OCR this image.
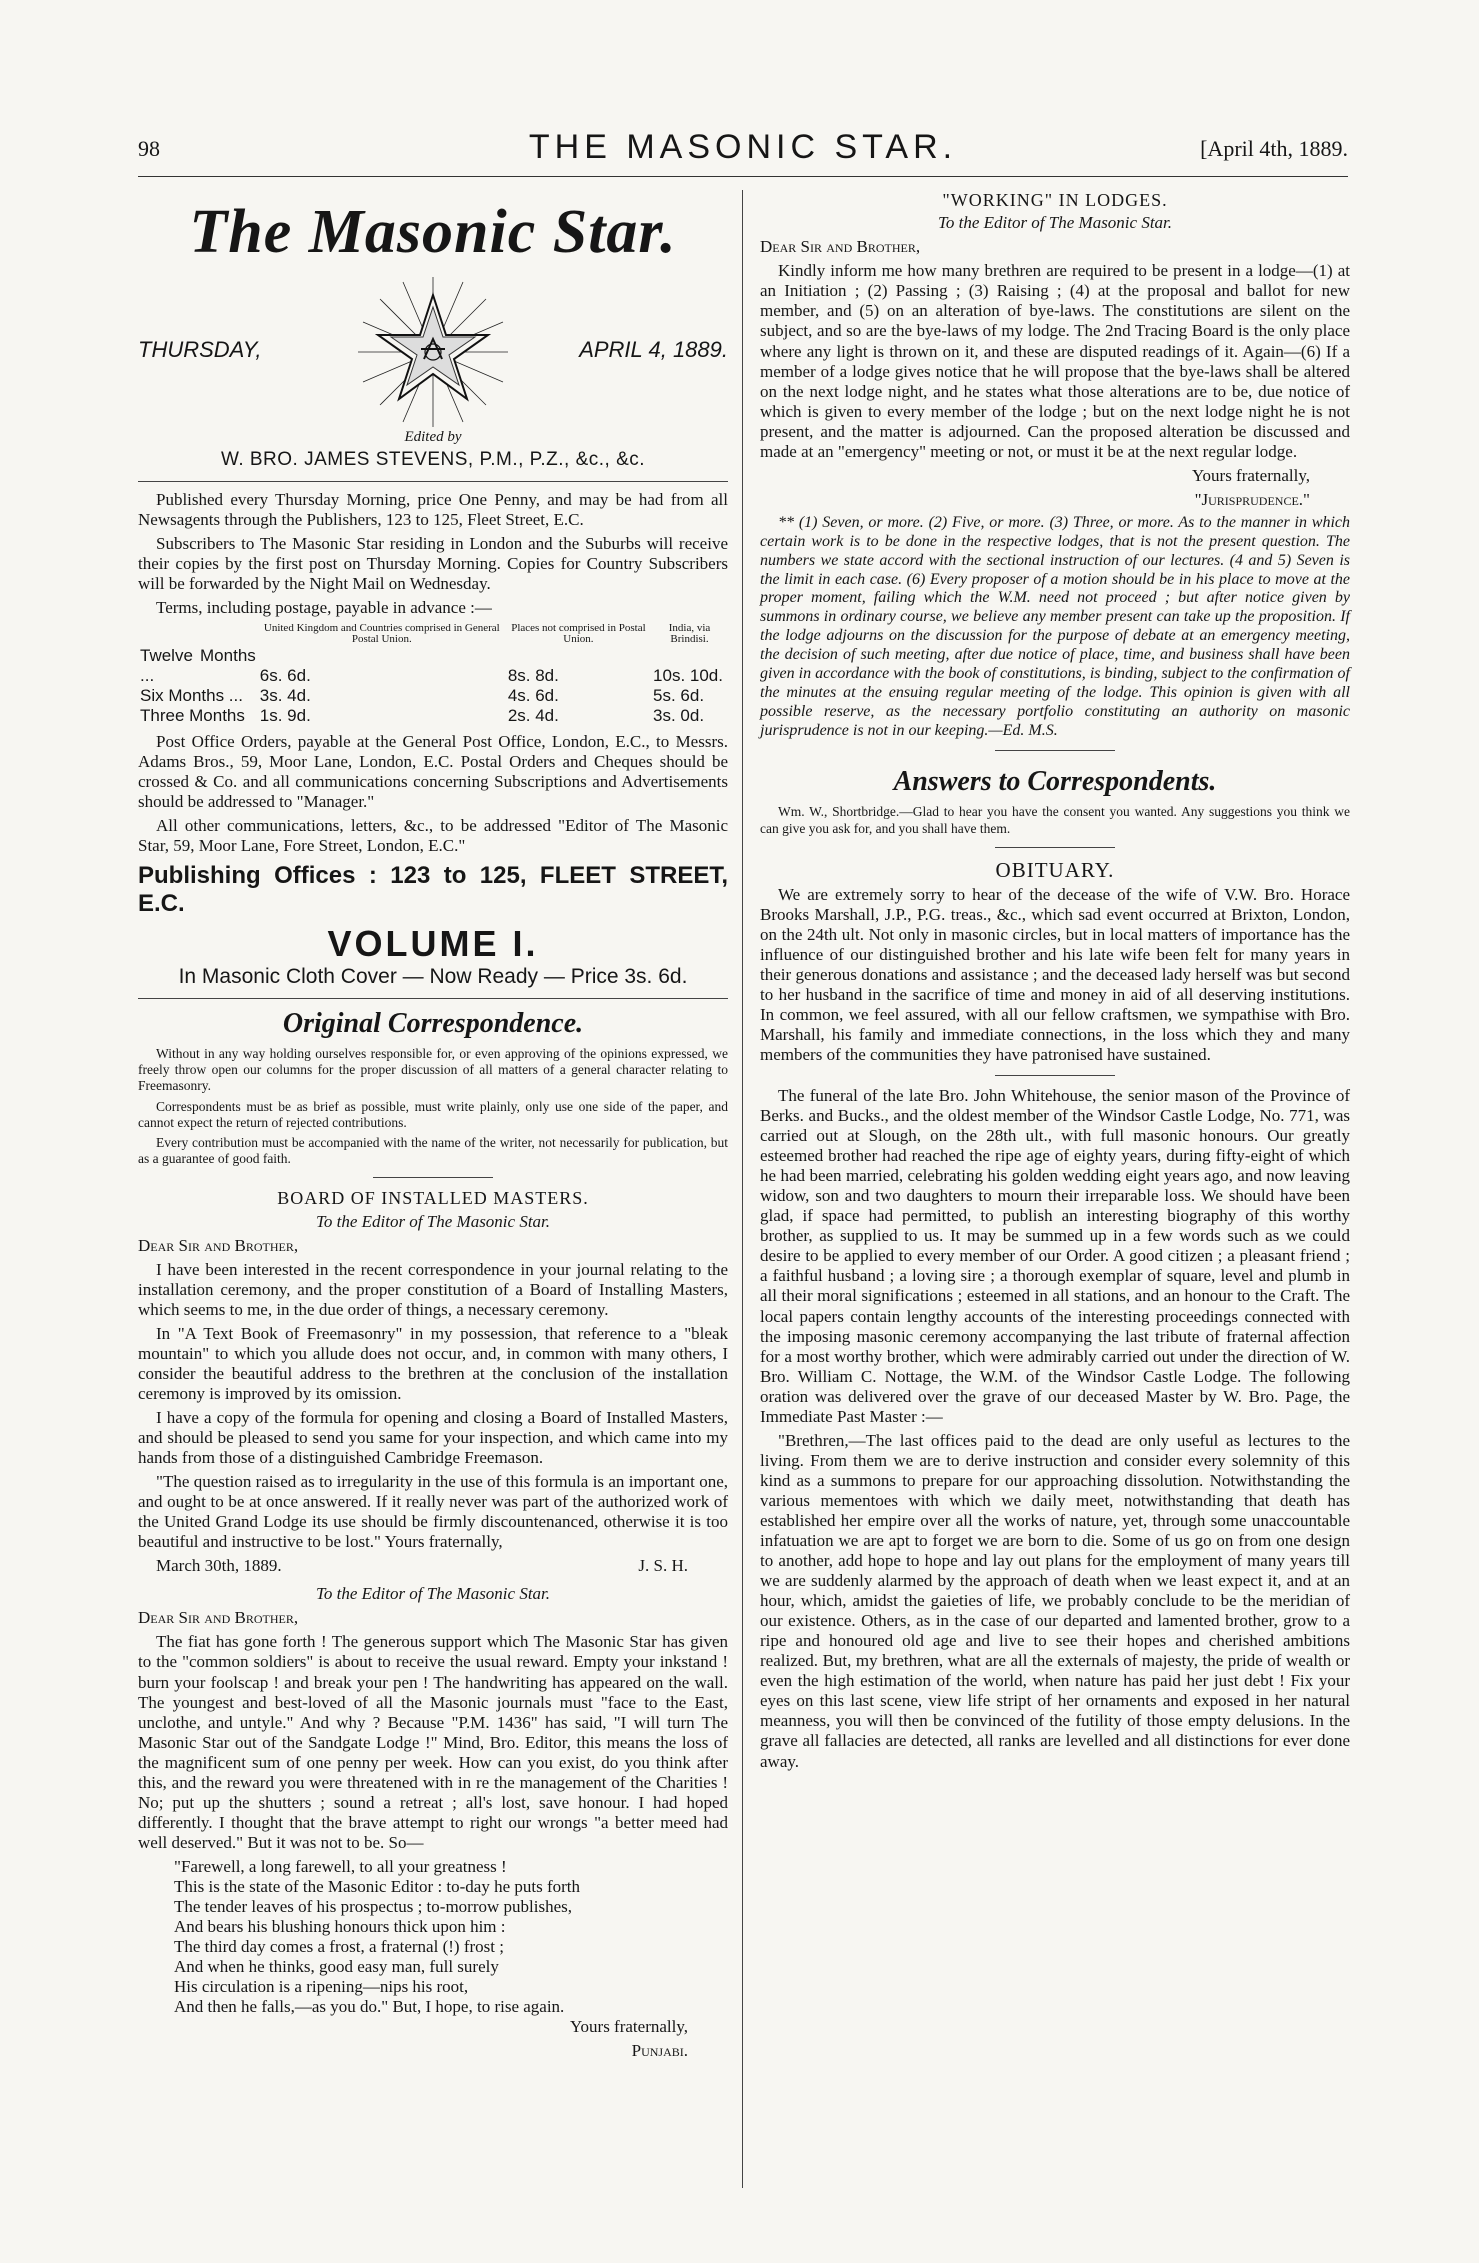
98	THE MASONIC STAR.	[April 4th, 1889.
The Masonic Star.
THURSDAY,	APRIL 4, 1889.
Edited by
W. BRO. JAMES STEVENS, P.M., P.Z., &c., &c.

Published every Thursday Morning, price One Penny, and may be had from all Newsagents through the Publishers, 123 to 125, Fleet Street, E.C.

Subscribers to The Masonic Star residing in London and the Suburbs will receive their copies by the first post on Thursday Morning. Copies for Country Subscribers will be forwarded by the Night Mail on Wednesday.

Terms, including postage, payable in advance :—

	United Kingdom and Countries comprised in General Postal Union.	Places not comprised in Postal Union.	India, via Brindisi.
Twelve Months ...	6s. 6d.	8s. 8d.	10s. 10d.
Six Months ...	3s. 4d.	4s. 6d.	5s. 6d.
Three Months	1s. 9d.	2s. 4d.	3s. 0d.

Post Office Orders, payable at the General Post Office, London, E.C., to Messrs. Adams Bros., 59, Moor Lane, London, E.C. Postal Orders and Cheques should be crossed & Co. and all communications concerning Subscriptions and Advertisements should be addressed to "Manager."

All other communications, letters, &c., to be addressed "Editor of The Masonic Star, 59, Moor Lane, Fore Street, London, E.C."

Publishing Offices : 123 to 125, FLEET STREET, E.C.
VOLUME I.
In Masonic Cloth Cover — Now Ready — Price 3s. 6d.
Original Correspondence.

Without in any way holding ourselves responsible for, or even approving of the opinions expressed, we freely throw open our columns for the proper discussion of all matters of a general character relating to Freemasonry.

Correspondents must be as brief as possible, must write plainly, only use one side of the paper, and cannot expect the return of rejected contributions.

Every contribution must be accompanied with the name of the writer, not necessarily for publication, but as a guarantee of good faith.

BOARD OF INSTALLED MASTERS.

To the Editor of The Masonic Star.

Dear Sir and Brother,

I have been interested in the recent correspondence in your journal relating to the installation ceremony, and the proper constitution of a Board of Installing Masters, which seems to me, in the due order of things, a necessary ceremony.

In "A Text Book of Freemasonry" in my possession, that reference to a "bleak mountain" to which you allude does not occur, and, in common with many others, I consider the beautiful address to the brethren at the conclusion of the installation ceremony is improved by its omission.

I have a copy of the formula for opening and closing a Board of Installed Masters, and should be pleased to send you same for your inspection, and which came into my hands from those of a distinguished Cambridge Freemason.

"The question raised as to irregularity in the use of this formula is an important one, and ought to be at once answered. If it really never was part of the authorized work of the United Grand Lodge its use should be firmly discountenanced, otherwise it is too beautiful and instructive to be lost." Yours fraternally,

March 30th, 1889.	J. S. H.

To the Editor of The Masonic Star.

Dear Sir and Brother,

The fiat has gone forth ! The generous support which The Masonic Star has given to the "common soldiers" is about to receive the usual reward. Empty your inkstand ! burn your foolscap ! and break your pen ! The handwriting has appeared on the wall. The youngest and best-loved of all the Masonic journals must "face to the East, unclothe, and untyle." And why ? Because "P.M. 1436" has said, "I will turn The Masonic Star out of the Sandgate Lodge !" Mind, Bro. Editor, this means the loss of the magnificent sum of one penny per week. How can you exist, do you think after this, and the reward you were threatened with in re the management of the Charities ! No; put up the shutters ; sound a retreat ; all's lost, save honour. I had hoped differently. I thought that the brave attempt to right our wrongs "a better meed had well deserved." But it was not to be. So—

"Farewell, a long farewell, to all your greatness !
This is the state of the Masonic Editor : to-day he puts forth
The tender leaves of his prospectus ; to-morrow publishes,
And bears his blushing honours thick upon him :
The third day comes a frost, a fraternal (!) frost ;
And when he thinks, good easy man, full surely
His circulation is a ripening—nips his root,
And then he falls,—as you do." But, I hope, to rise again.

Yours fraternally,

Punjabi.

"WORKING" IN LODGES.

To the Editor of The Masonic Star.

Dear Sir and Brother,

Kindly inform me how many brethren are required to be present in a lodge—(1) at an Initiation ; (2) Passing ; (3) Raising ; (4) at the proposal and ballot for new member, and (5) on an alteration of bye-laws. The constitutions are silent on the subject, and so are the bye-laws of my lodge. The 2nd Tracing Board is the only place where any light is thrown on it, and these are disputed readings of it. Again—(6) If a member of a lodge gives notice that he will propose that the bye-laws shall be altered on the next lodge night, and he states what those alterations are to be, due notice of which is given to every member of the lodge ; but on the next lodge night he is not present, and the matter is adjourned. Can the proposed alteration be discussed and made at an "emergency" meeting or not, or must it be at the next regular lodge.

Yours fraternally,

"Jurisprudence."

** (1) Seven, or more. (2) Five, or more. (3) Three, or more. As to the manner in which certain work is to be done in the respective lodges, that is not the present question. The numbers we state accord with the sectional instruction of our lectures. (4 and 5) Seven is the limit in each case. (6) Every proposer of a motion should be in his place to move at the proper moment, failing which the W.M. need not proceed ; but after notice given by summons in ordinary course, we believe any member present can take up the proposition. If the lodge adjourns on the discussion for the purpose of debate at an emergency meeting, the decision of such meeting, after due notice of place, time, and business shall have been given in accordance with the book of constitutions, is binding, subject to the confirmation of the minutes at the ensuing regular meeting of the lodge. This opinion is given with all possible reserve, as the necessary portfolio constituting an authority on masonic jurisprudence is not in our keeping.—Ed. M.S.

Answers to Correspondents.

Wm. W., Shortbridge.—Glad to hear you have the consent you wanted. Any suggestions you think we can give you ask for, and you shall have them.

OBITUARY.

We are extremely sorry to hear of the decease of the wife of V.W. Bro. Horace Brooks Marshall, J.P., P.G. treas., &c., which sad event occurred at Brixton, London, on the 24th ult. Not only in masonic circles, but in local matters of importance has the influence of our distinguished brother and his late wife been felt for many years in their generous donations and assistance ; and the deceased lady herself was but second to her husband in the sacrifice of time and money in aid of all deserving institutions. In common, we feel assured, with all our fellow craftsmen, we sympathise with Bro. Marshall, his family and immediate connections, in the loss which they and many members of the communities they have patronised have sustained.

The funeral of the late Bro. John Whitehouse, the senior mason of the Province of Berks. and Bucks., and the oldest member of the Windsor Castle Lodge, No. 771, was carried out at Slough, on the 28th ult., with full masonic honours. Our greatly esteemed brother had reached the ripe age of eighty years, during fifty-eight of which he had been married, celebrating his golden wedding eight years ago, and now leaving widow, son and two daughters to mourn their irreparable loss. We should have been glad, if space had permitted, to publish an interesting biography of this worthy brother, as supplied to us. It may be summed up in a few words such as we could desire to be applied to every member of our Order. A good citizen ; a pleasant friend ; a faithful husband ; a loving sire ; a thorough exemplar of square, level and plumb in all their moral significations ; esteemed in all stations, and an honour to the Craft. The local papers contain lengthy accounts of the interesting proceedings connected with the imposing masonic ceremony accompanying the last tribute of fraternal affection for a most worthy brother, which were admirably carried out under the direction of W. Bro. William C. Nottage, the W.M. of the Windsor Castle Lodge. The following oration was delivered over the grave of our deceased Master by W. Bro. Page, the Immediate Past Master :—

"Brethren,—The last offices paid to the dead are only useful as lectures to the living. From them we are to derive instruction and consider every solemnity of this kind as a summons to prepare for our approaching dissolution. Notwithstanding the various mementoes with which we daily meet, notwithstanding that death has established her empire over all the works of nature, yet, through some unaccountable infatuation we are apt to forget we are born to die. Some of us go on from one design to another, add hope to hope and lay out plans for the employment of many years till we are suddenly alarmed by the approach of death when we least expect it, and at an hour, which, amidst the gaieties of life, we probably conclude to be the meridian of our existence. Others, as in the case of our departed and lamented brother, grow to a ripe and honoured old age and live to see their hopes and cherished ambitions realized. But, my brethren, what are all the externals of majesty, the pride of wealth or even the high estimation of the world, when nature has paid her just debt ! Fix your eyes on this last scene, view life stript of her ornaments and exposed in her natural meanness, you will then be convinced of the futility of those empty delusions. In the grave all fallacies are detected, all ranks are levelled and all distinctions for ever done away.
